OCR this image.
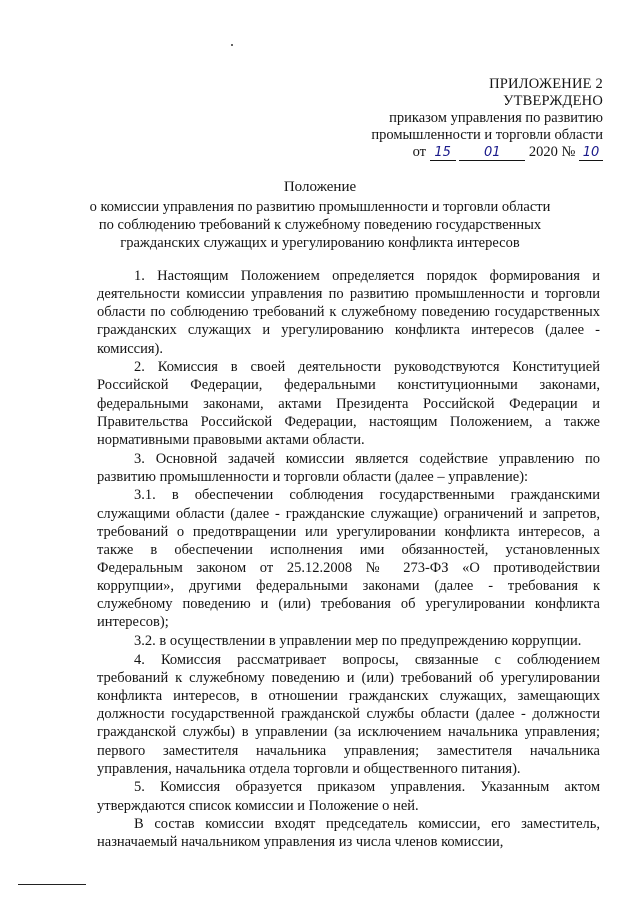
ПРИЛОЖЕНИЕ 2
УТВЕРЖДЕНО
приказом управления по развитию
промышленности и торговли области
от 15	01 2020 № 10
Положение
о комиссии управления по развитию промышленности и торговли области
по соблюдению требований к служебному поведению государственных
гражданских служащих и урегулированию конфликта интересов

1. Настоящим Положением определяется порядок формирования и деятельности комиссии управления по развитию промышленности и торговли области по соблюдению требований к служебному поведению государственных гражданских служащих и урегулированию конфликта интересов (далее - комиссия).

2. Комиссия в своей деятельности руководствуются Конституцией Российской Федерации, федеральными конституционными законами, федеральными законами, актами Президента Российской Федерации и Правительства Российской Федерации, настоящим Положением, а также нормативными правовыми актами области.

3. Основной задачей комиссии является содействие управлению по развитию промышленности и торговли области (далее – управление):

3.1. в обеспечении соблюдения государственными гражданскими служащими области (далее - гражданские служащие) ограничений и запретов, требований о предотвращении или урегулировании конфликта интересов, а также в обеспечении исполнения ими обязанностей, установленных Федеральным законом от 25.12.2008 № 273-ФЗ «О противодействии коррупции», другими федеральными законами (далее - требования к служебному поведению и (или) требования об урегулировании конфликта интересов);

3.2. в осуществлении в управлении мер по предупреждению коррупции.

4. Комиссия рассматривает вопросы, связанные с соблюдением требований к служебному поведению и (или) требований об урегулировании конфликта интересов, в отношении гражданских служащих, замещающих должности государственной гражданской службы области (далее - должности гражданской службы) в управлении (за исключением начальника управления; первого заместителя начальника управления; заместителя начальника управления, начальника отдела торговли и общественного питания).

5. Комиссия образуется приказом управления. Указанным актом утверждаются список комиссии и Положение о ней.

В состав комиссии входят председатель комиссии, его заместитель, назначаемый начальником управления из числа членов комиссии,
